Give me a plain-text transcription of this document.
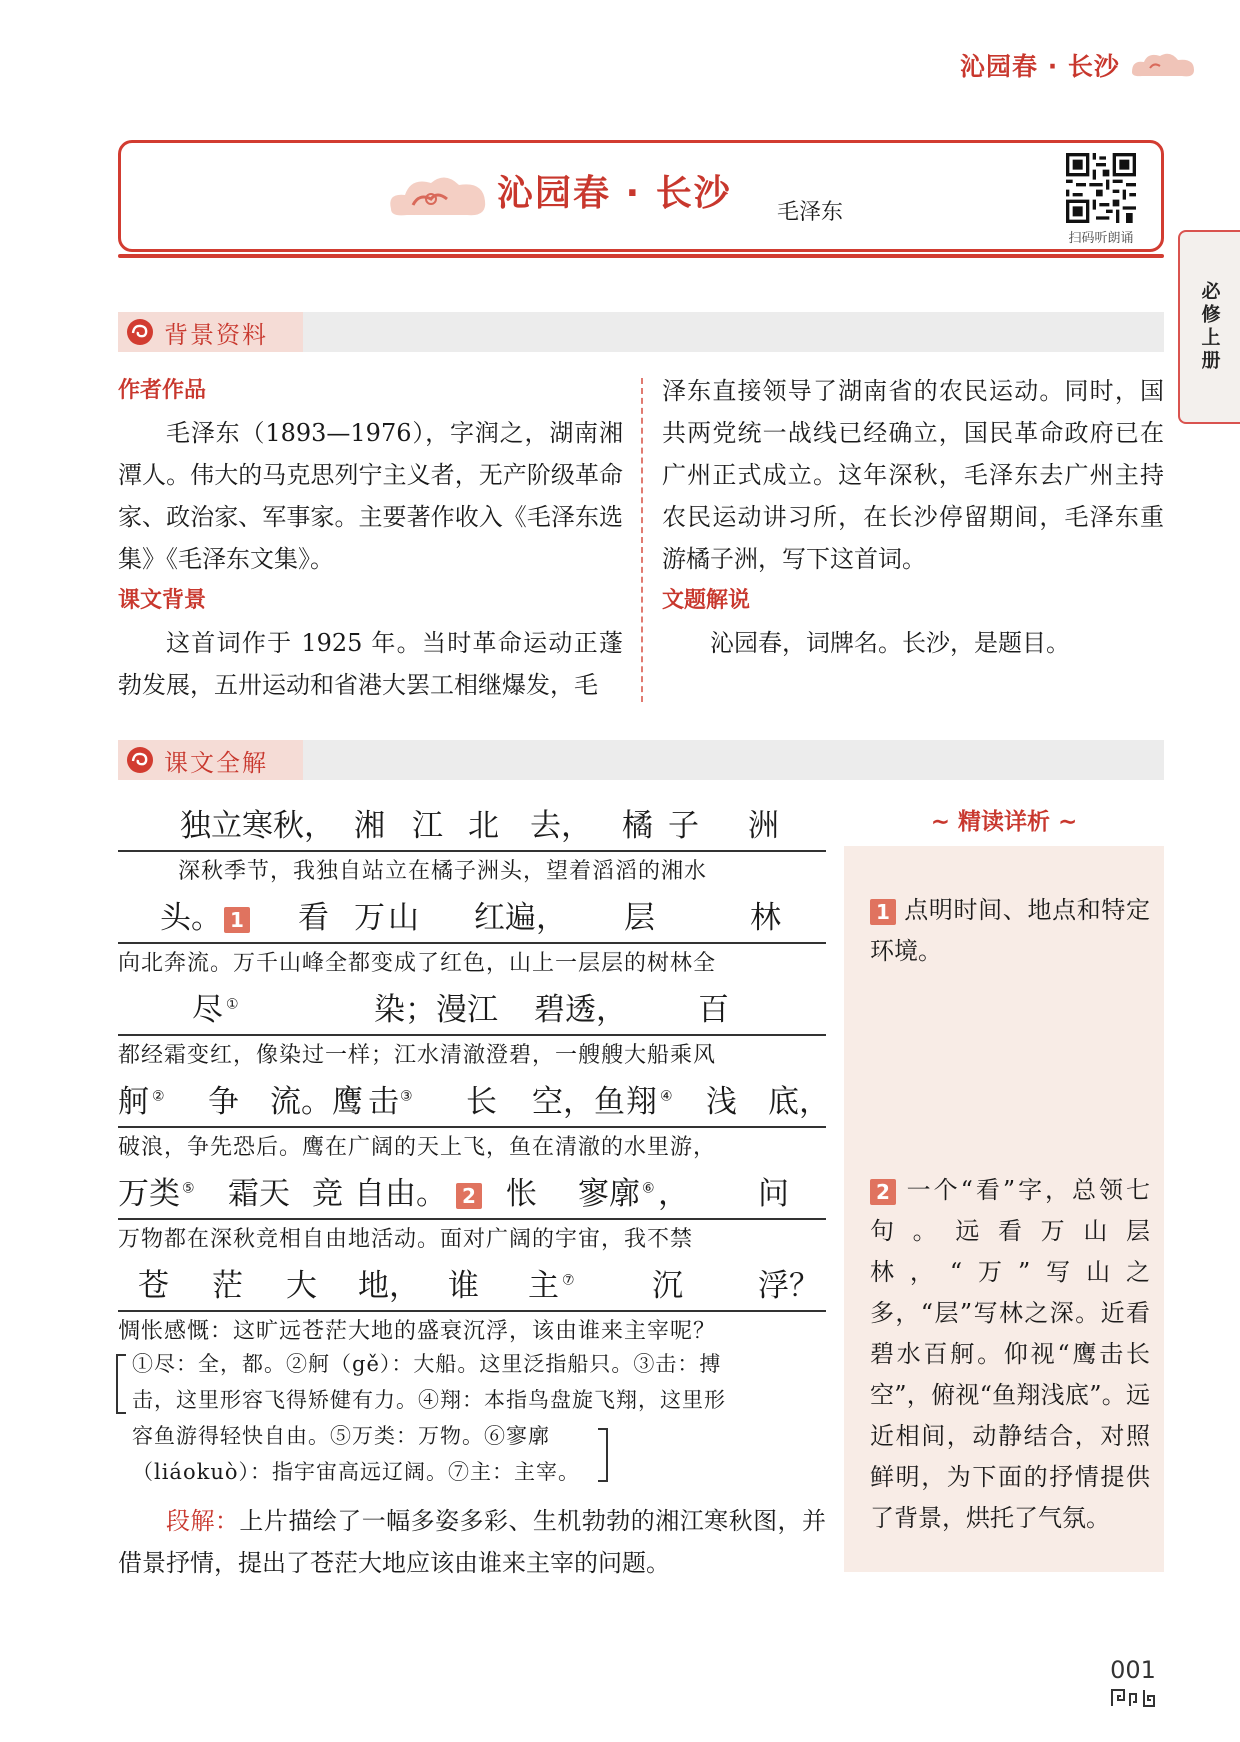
沁园春 · 长沙
必修上册
沁园春 · 长沙 毛泽东
扫码听朗诵
背景资料
作者作品

毛泽东（1893—1976），字润之，湖南湘潭人。伟大的马克思列宁主义者，无产阶级革命家、政治家、军事家。主要著作收入《毛泽东选集》《毛泽东文集》。

课文背景

这首词作于 1925 年。当时革命运动正蓬勃发展，五卅运动和省港大罢工相继爆发，毛

泽东直接领导了湖南省的农民运动。同时，国共两党统一战线已经确立，国民革命政府已在广州正式成立。这年深秋，毛泽东去广州主持农民运动讲习所，在长沙停留期间，毛泽东重游橘子洲，写下这首词。
文题解说

沁园春，词牌名。长沙，是题目。

课文全解
独立寒秋， 湘 江 北 去， 橘 子 洲
深秋季节，我独自站立在橘子洲头，望着滔滔的湘水
头。 1 看 万 山 红遍， 层	林
向北奔流。万千山峰全都变成了红色，山上一层层的树林全
尽 ①	染；漫江 碧透， 百
都经霜变红，像染过一样；江水清澈澄碧，一艘艘大船乘风
舸 ② 争 流。鹰 击 ③ 长 空，鱼 翔 ④ 浅 底，
破浪，争先恐后。鹰在广阔的天上飞，鱼在清澈的水里游，
万类 ⑤ 霜天 竞 自由。 2 怅 寥廓 ⑥ ， 问
万物都在深秋竞相自由地活动。面对广阔的宇宙，我不禁
苍 茫 大 地， 谁 主 ⑦ 沉 浮？
惆怅感慨：这旷远苍茫大地的盛衰沉浮，该由谁来主宰呢？
①尽：全，都。②舸（gě）：大船。这里泛指船只。③击：搏
击，这里形容飞得矫健有力。④翔：本指鸟盘旋飞翔，这里形
容鱼游得轻快自由。⑤万类：万物。⑥寥廓
（liáokuò）：指宇宙高远辽阔。⑦主：主宰。
段解：上片描绘了一幅多姿多彩、生机勃勃的湘江寒秋图，并借景抒情，提出了苍茫大地应该由谁来主宰的问题。
∼ 精读详析 ∼
1 点明时间、地点和特定环境。
2 一个“看”字，总领七句。远看万山层林，“万”写山之多，“层”写林之深。近看碧水百舸。仰视“鹰击长空”，俯视“鱼翔浅底”。远近相间，动静结合，对照鲜明，为下面的抒情提供了背景，烘托了气氛。
001
